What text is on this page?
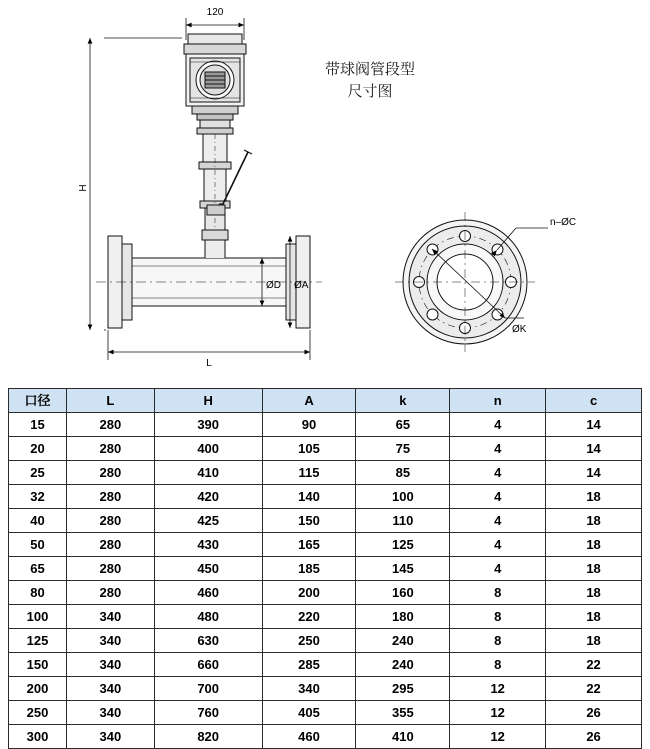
120
H
L
ØD ØA
n–ØC
ØK
带球阀管段型
尺寸图
口径	L	H	A	k	n	c
15	280	390	90	65	4	14
20	280	400	105	75	4	14
25	280	410	115	85	4	14
32	280	420	140	100	4	18
40	280	425	150	110	4	18
50	280	430	165	125	4	18
65	280	450	185	145	4	18
80	280	460	200	160	8	18
100	340	480	220	180	8	18
125	340	630	250	240	8	18
150	340	660	285	240	8	22
200	340	700	340	295	12	22
250	340	760	405	355	12	26
300	340	820	460	410	12	26
